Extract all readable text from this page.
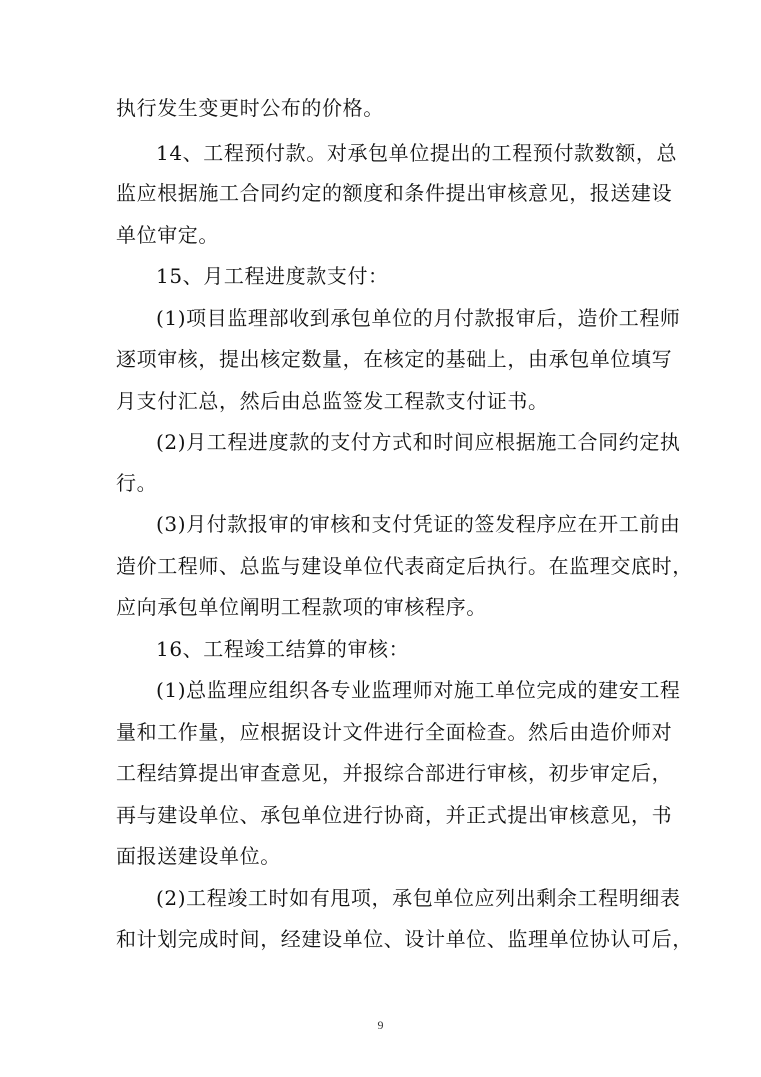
执行发生变更时公布的价格。
14、工程预付款。对承包单位提出的工程预付款数额，总
监应根据施工合同约定的额度和条件提出审核意见，报送建设
单位审定。
15、月工程进度款支付：
(1)项目监理部收到承包单位的月付款报审后，造价工程师
逐项审核，提出核定数量，在核定的基础上，由承包单位填写
月支付汇总，然后由总监签发工程款支付证书。
(2)月工程进度款的支付方式和时间应根据施工合同约定执
行。
(3)月付款报审的审核和支付凭证的签发程序应在开工前由
造价工程师、总监与建设单位代表商定后执行。在监理交底时，
应向承包单位阐明工程款项的审核程序。
16、工程竣工结算的审核：
(1)总监理应组织各专业监理师对施工单位完成的建安工程
量和工作量，应根据设计文件进行全面检查。然后由造价师对
工程结算提出审查意见，并报综合部进行审核，初步审定后，
再与建设单位、承包单位进行协商，并正式提出审核意见，书
面报送建设单位。
(2)工程竣工时如有甩项，承包单位应列出剩余工程明细表
和计划完成时间，经建设单位、设计单位、监理单位协认可后，
9
